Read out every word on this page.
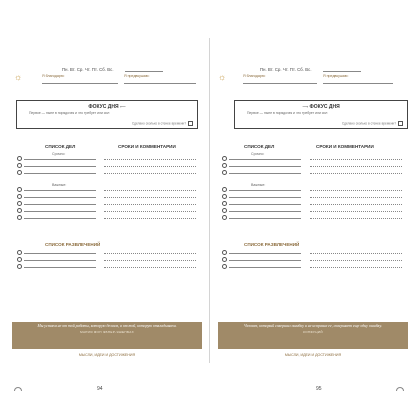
Пн. Вт. Ср. Чт. Пт. Сб. Вс.
☼	Я благодарю:	Я предвкушаю:
ФОКУС ДНЯ ⟵
Первое — ныне в порядочек и что требует или сил
Сделано сколько в стенее времени?
СПИСОК ДЕЛ	СРОКИ И КОММЕНТАРИИ
Срочно:
Важные:
СПИСОК РАЗВЛЕЧЕНИЙ
Мы устаем не от той работы, которую делаем, а от той, которую откладываем.
МАРИЯ ФОН ЭБНЕР-ЭШЕНБАХ
МЫСЛИ, ИДЕИ И ДОСТИЖЕНИЯ
94
Пн. Вт. Ср. Чт. Пт. Сб. Вс.
☼	Я благодарю:	Я предвкушаю:
⟶ ФОКУС ДНЯ
Первое — ныне в порядочек и что требует или сил
Сделано сколько в стенее времени?
СПИСОК ДЕЛ	СРОКИ И КОММЕНТАРИИ
Срочно:
Важные:
СПИСОК РАЗВЛЕЧЕНИЙ
Человек, который совершил ошибку и не исправил ее, совершает еще одну ошибку.
КОНФУЦИЙ
МЫСЛИ, ИДЕИ И ДОСТИЖЕНИЯ
95
